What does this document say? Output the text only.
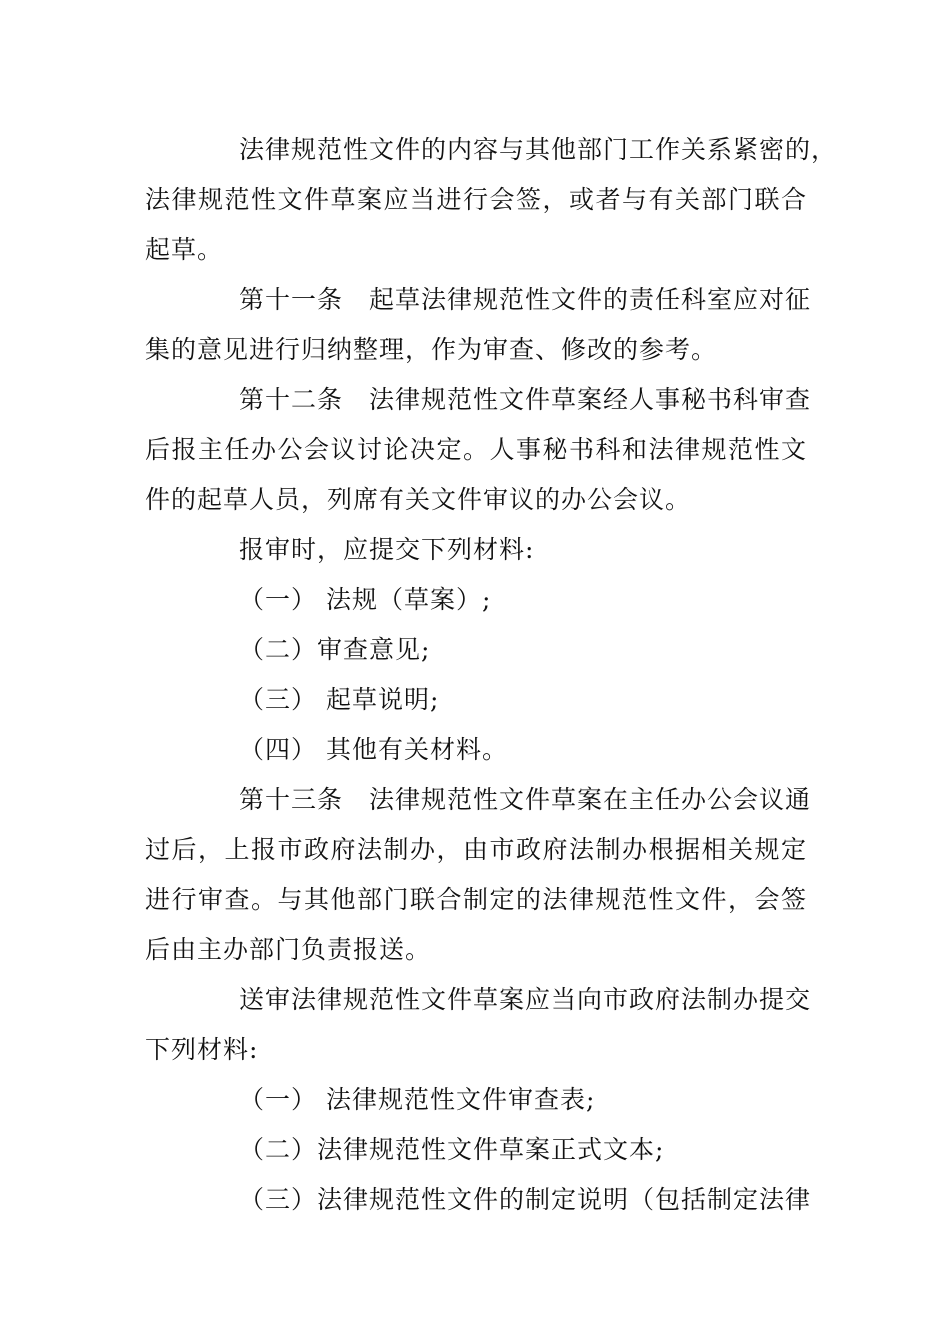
法律规范性文件的内容与其他部门工作关系紧密的，
法律规范性文件草案应当进行会签，或者与有关部门联合
起草。
第十一条　起草法律规范性文件的责任科室应对征
集的意见进行归纳整理，作为审查、修改的参考。
第十二条　法律规范性文件草案经人事秘书科审查
后报主任办公会议讨论决定。人事秘书科和法律规范性文
件的起草人员，列席有关文件审议的办公会议。
报审时，应提交下列材料:
（一） 法规（草案）;
（二）审查意见;
（三） 起草说明;
（四） 其他有关材料。
第十三条　法律规范性文件草案在主任办公会议通
过后，上报市政府法制办，由市政府法制办根据相关规定
进行审查。与其他部门联合制定的法律规范性文件，会签
后由主办部门负责报送。
送审法律规范性文件草案应当向市政府法制办提交
下列材料:
（一） 法律规范性文件审查表;
（二）法律规范性文件草案正式文本;
（三）法律规范性文件的制定说明（包括制定法律
